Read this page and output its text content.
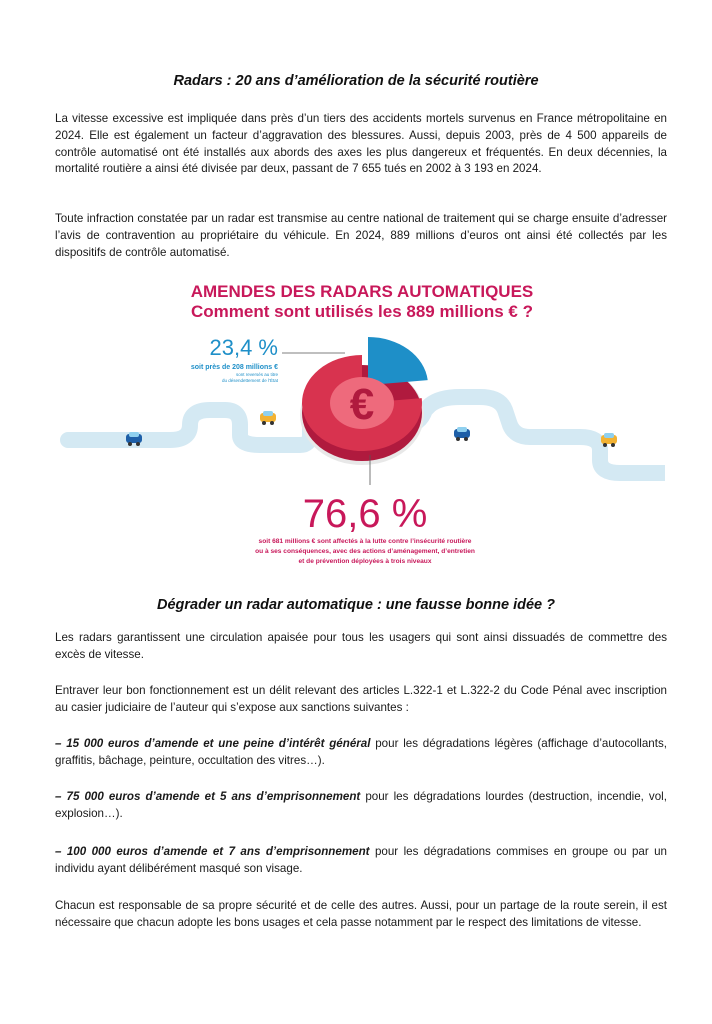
Radars : 20 ans d’amélioration de la sécurité routière

La vitesse excessive est impliquée dans près d’un tiers des accidents mortels survenus en France métropolitaine en 2024. Elle est également un facteur d’aggravation des blessures. Aussi, depuis 2003, près de 4 500 appareils de contrôle automatisé ont été installés aux abords des axes les plus dangereux et fréquentés. En deux décennies, la mortalité routière a ainsi été divisée par deux, passant de 7 655 tués en 2002 à 3 193 en 2024.

Toute infraction constatée par un radar est transmise au centre national de traitement qui se charge ensuite d’adresser l’avis de contravention au propriétaire du véhicule. En 2024, 889 millions d’euros ont ainsi été collectés par les dispositifs de contrôle automatisé.

AMENDES DES RADARS AUTOMATIQUES
Comment sont utilisés les 889 millions € ?
€
23,4 %
soit près de 208 millions €
sont reversés au titre
du désendettement de l’État
76,6 %
soit 681 millions € sont affectés à la lutte contre l’insécurité routière
ou à ses conséquences, avec des actions d’aménagement, d’entretien
et de prévention déployées à trois niveaux
Dégrader un radar automatique : une fausse bonne idée ?

Les radars garantissent une circulation apaisée pour tous les usagers qui sont ainsi dissuadés de commettre des excès de vitesse.

Entraver leur bon fonctionnement est un délit relevant des articles L.322-1 et L.322-2 du Code Pénal avec inscription au casier judiciaire de l’auteur qui s’expose aux sanctions suivantes :

– 15 000 euros d’amende et une peine d’intérêt général pour les dégradations légères (affichage d’autocollants, graffitis, bâchage, peinture, occultation des vitres…).

– 75 000 euros d’amende et 5 ans d’emprisonnement pour les dégradations lourdes (destruction, incendie, vol, explosion…).

– 100 000 euros d’amende et 7 ans d’emprisonnement pour les dégradations commises en groupe ou par un individu ayant délibérément masqué son visage.

Chacun est responsable de sa propre sécurité et de celle des autres. Aussi, pour un partage de la route serein, il est nécessaire que chacun adopte les bons usages et cela passe notamment par le respect des limitations de vitesse.
